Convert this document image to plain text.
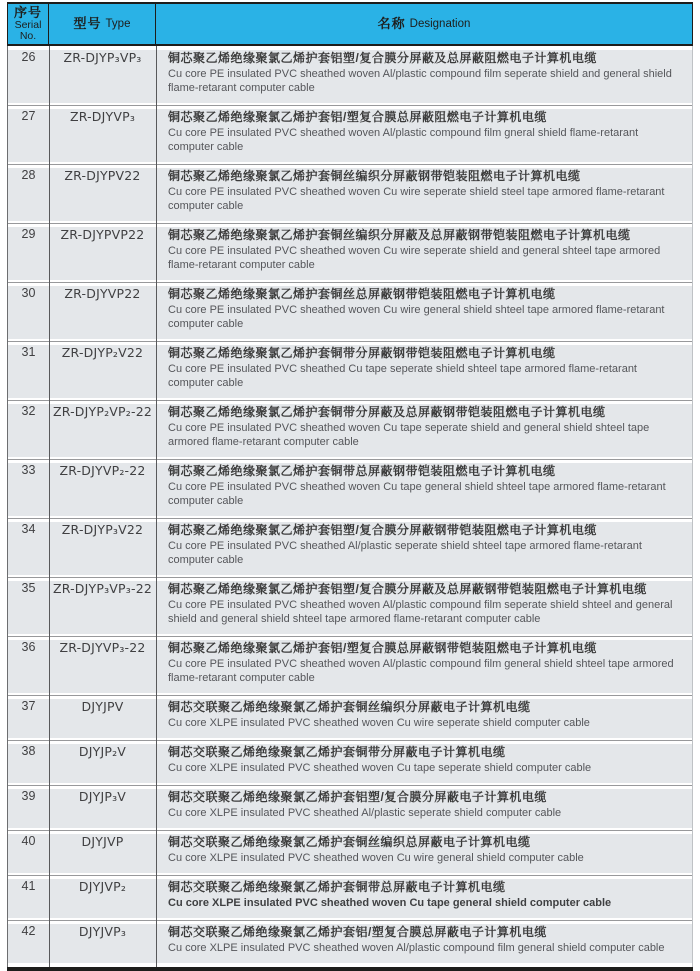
序号
Serial
No.
型号 Type	名称 Designation
26	ZR-DJYP₃VP₃	铜芯聚乙烯绝缘聚氯乙烯护套铝塑/复合膜分屏蔽及总屏蔽阻燃电子计算机电缆
Cu core PE insulated PVC sheathed woven Al/plastic compound film seperate shield and general shield flame-retarant computer cable
27	ZR-DJYVP₃	铜芯聚乙烯绝缘聚氯乙烯护套铝/塑复合膜总屏蔽阻燃电子计算机电缆
Cu core PE insulated PVC sheathed woven Al/plastic compound film gneral shield flame-retarant computer cable
28	ZR-DJYPV22	铜芯聚乙烯绝缘聚氯乙烯护套铜丝编织分屏蔽钢带铠装阻燃电子计算机电缆
Cu core PE insulated PVC sheathed woven Cu wire seperate shield steel tape armored flame-retarant computer cable
29	ZR-DJYPVP22	铜芯聚乙烯绝缘聚氯乙烯护套铜丝编织分屏蔽及总屏蔽钢带铠装阻燃电子计算机电缆
Cu core PE insulated PVC sheathed woven Cu wire seperate shield and general shteel tape armored flame-retarant computer cable
30	ZR-DJYVP22	铜芯聚乙烯绝缘聚氯乙烯护套铜丝总屏蔽钢带铠装阻燃电子计算机电缆
Cu core PE insulated PVC sheathed woven Cu wire general shield shteel tape armored flame-retarant computer cable
31	ZR-DJYP₂V22	铜芯聚乙烯绝缘聚氯乙烯护套铜带分屏蔽钢带铠装阻燃电子计算机电缆
Cu core PE insulated PVC sheathed Cu tape seperate shield shteel tape armored flame-retarant computer cable
32	ZR-DJYP₂VP₂-22	铜芯聚乙烯绝缘聚氯乙烯护套铜带分屏蔽及总屏蔽钢带铠装阻燃电子计算机电缆
Cu core PE insulated PVC sheathed woven Cu tape seperate shield and general shield shteel tape armored flame-retarant computer cable
33	ZR-DJYVP₂-22	铜芯聚乙烯绝缘聚氯乙烯护套铜带总屏蔽钢带铠装阻燃电子计算机电缆
Cu core PE insulated PVC sheathed woven Cu tape general shield shteel tape armored flame-retarant computer cable
34	ZR-DJYP₃V22	铜芯聚乙烯绝缘聚氯乙烯护套铝塑/复合膜分屏蔽钢带铠装阻燃电子计算机电缆
Cu core PE insulated PVC sheathed Al/plastic seperate shield shteel tape armored flame-retarant computer cable
35	ZR-DJYP₃VP₃-22	铜芯聚乙烯绝缘聚氯乙烯护套铝塑/复合膜分屏蔽及总屏蔽钢带铠装阻燃电子计算机电缆
Cu core PE insulated PVC sheathed woven Al/plastic compound film seperate shield shteel and general shield and general shield shteel tape armored flame-retarant computer cable
36	ZR-DJYVP₃-22	铜芯聚乙烯绝缘聚氯乙烯护套铝/塑复合膜总屏蔽钢带铠装阻燃电子计算机电缆
Cu core PE insulated PVC sheathed woven Al/plastic compound film general shield shteel tape armored flame-retarant computer cable
37	DJYJPV	铜芯交联聚乙烯绝缘聚氯乙烯护套铜丝编织分屏蔽电子计算机电缆
Cu core XLPE insulated PVC sheathed woven Cu wire seperate shield computer cable
38	DJYJP₂V	铜芯交联聚乙烯绝缘聚氯乙烯护套铜带分屏蔽电子计算机电缆
Cu core XLPE insulated PVC sheathed woven Cu tape seperate shield computer cable
39	DJYJP₃V	铜芯交联聚乙烯绝缘聚氯乙烯护套铝塑/复合膜分屏蔽电子计算机电缆
Cu core XLPE insulated PVC sheathed Al/plastic seperate shield computer cable
40	DJYJVP	铜芯交联聚乙烯绝缘聚氯乙烯护套铜丝编织总屏蔽电子计算机电缆
Cu core XLPE insulated PVC sheathed woven Cu wire general shield computer cable
41	DJYJVP₂	铜芯交联聚乙烯绝缘聚氯乙烯护套铜带总屏蔽电子计算机电缆
Cu core XLPE insulated PVC sheathed woven Cu tape general shield computer cable
42	DJYJVP₃	铜芯交联聚乙烯绝缘聚氯乙烯护套铝/塑复合膜总屏蔽电子计算机电缆
Cu core XLPE insulated PVC sheathed woven Al/plastic compound film general shield computer cable
